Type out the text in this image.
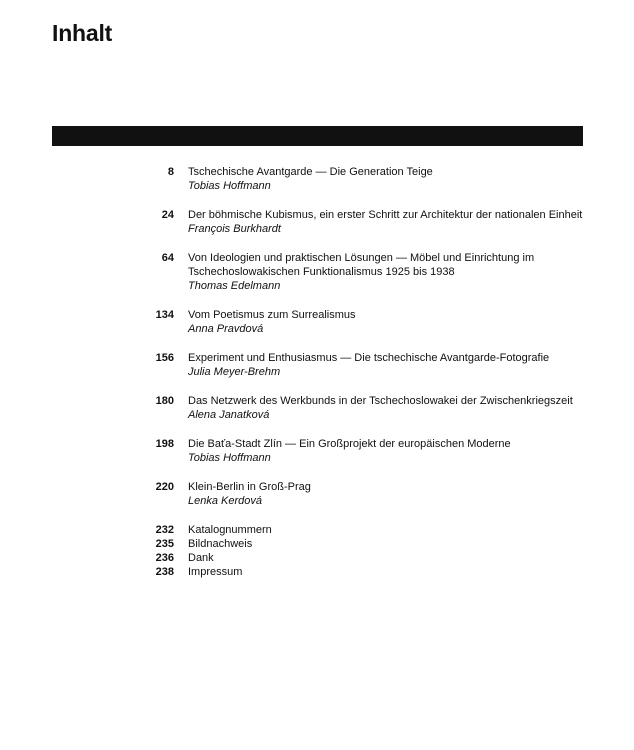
Inhalt
8 Tschechische Avantgarde — Die Generation Teige
Tobias Hoffmann
24 Der böhmische Kubismus, ein erster Schritt zur Architektur der nationalen Einheit
François Burkhardt
64 Von Ideologien und praktischen Lösungen — Möbel und Einrichtung im
Tschechoslowakischen Funktionalismus 1925 bis 1938
Thomas Edelmann
134 Vom Poetismus zum Surrealismus
Anna Pravdová
156 Experiment und Enthusiasmus — Die tschechische Avantgarde-Fotografie
Julia Meyer-Brehm
180 Das Netzwerk des Werkbunds in der Tschechoslowakei der Zwischenkriegszeit
Alena Janatková
198 Die Baťa-Stadt Zlín — Ein Großprojekt der europäischen Moderne
Tobias Hoffmann
220 Klein-Berlin in Groß-Prag
Lenka Kerdová
232 Katalognummern
235 Bildnachweis
236 Dank
238 Impressum
